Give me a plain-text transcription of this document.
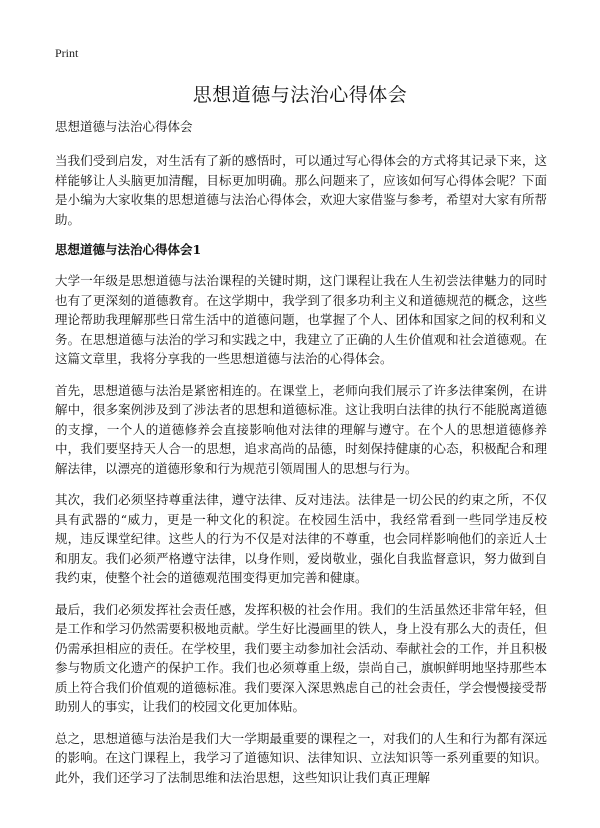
Print
思想道德与法治心得体会
思想道德与法治心得体会

当我们受到启发，对生活有了新的感悟时，可以通过写心得体会的方式将其记录下来，这样能够让人头脑更加清醒，目标更加明确。那么问题来了，应该如何写心得体会呢？下面是小编为大家收集的思想道德与法治心得体会，欢迎大家借鉴与参考，希望对大家有所帮助。

思想道德与法治心得体会1

大学一年级是思想道德与法治课程的关键时期，这门课程让我在人生初尝法律魅力的同时也有了更深刻的道德教育。在这学期中，我学到了很多功利主义和道德规范的概念，这些理论帮助我理解那些日常生活中的道德问题，也掌握了个人、团体和国家之间的权利和义务。在思想道德与法治的学习和实践之中，我建立了正确的人生价值观和社会道德观。在这篇文章里，我将分享我的一些思想道德与法治的心得体会。

首先，思想道德与法治是紧密相连的。在课堂上，老师向我们展示了许多法律案例，在讲解中，很多案例涉及到了涉法者的思想和道德标准。这让我明白法律的执行不能脱离道德的支撑，一个人的道德修养会直接影响他对法律的理解与遵守。在个人的思想道德修养中，我们要坚持天人合一的思想，追求高尚的品德，时刻保持健康的心态，积极配合和理解法律，以漂亮的道德形象和行为规范引领周围人的思想与行为。

其次，我们必须坚持尊重法律，遵守法律、反对违法。法律是一切公民的约束之所，不仅具有武器的“威力，更是一种文化的积淀。在校园生活中，我经常看到一些同学违反校规，违反课堂纪律。这些人的行为不仅是对法律的不尊重，也会同样影响他们的亲近人士和朋友。我们必须严格遵守法律，以身作则，爱岗敬业，强化自我监督意识，努力做到自我约束，使整个社会的道德观范围变得更加完善和健康。

最后，我们必须发挥社会责任感，发挥积极的社会作用。我们的生活虽然还非常年轻，但是工作和学习仍然需要积极地贡献。学生好比漫画里的铁人，身上没有那么大的责任，但仍需承担相应的责任。在学校里，我们要主动参加社会活动、奉献社会的工作，并且积极参与物质文化遗产的保护工作。我们也必须尊重上级，崇尚自己，旗帜鲜明地坚持那些本质上符合我们价值观的道德标准。我们要深入深思熟虑自己的社会责任，学会慢慢接受帮助别人的事实，让我们的校园文化更加体贴。

总之，思想道德与法治是我们大一学期最重要的课程之一，对我们的人生和行为都有深远的影响。在这门课程上，我学习了道德知识、法律知识、立法知识等一系列重要的知识。此外，我们还学习了法制思维和法治思想，这些知识让我们真正理解
